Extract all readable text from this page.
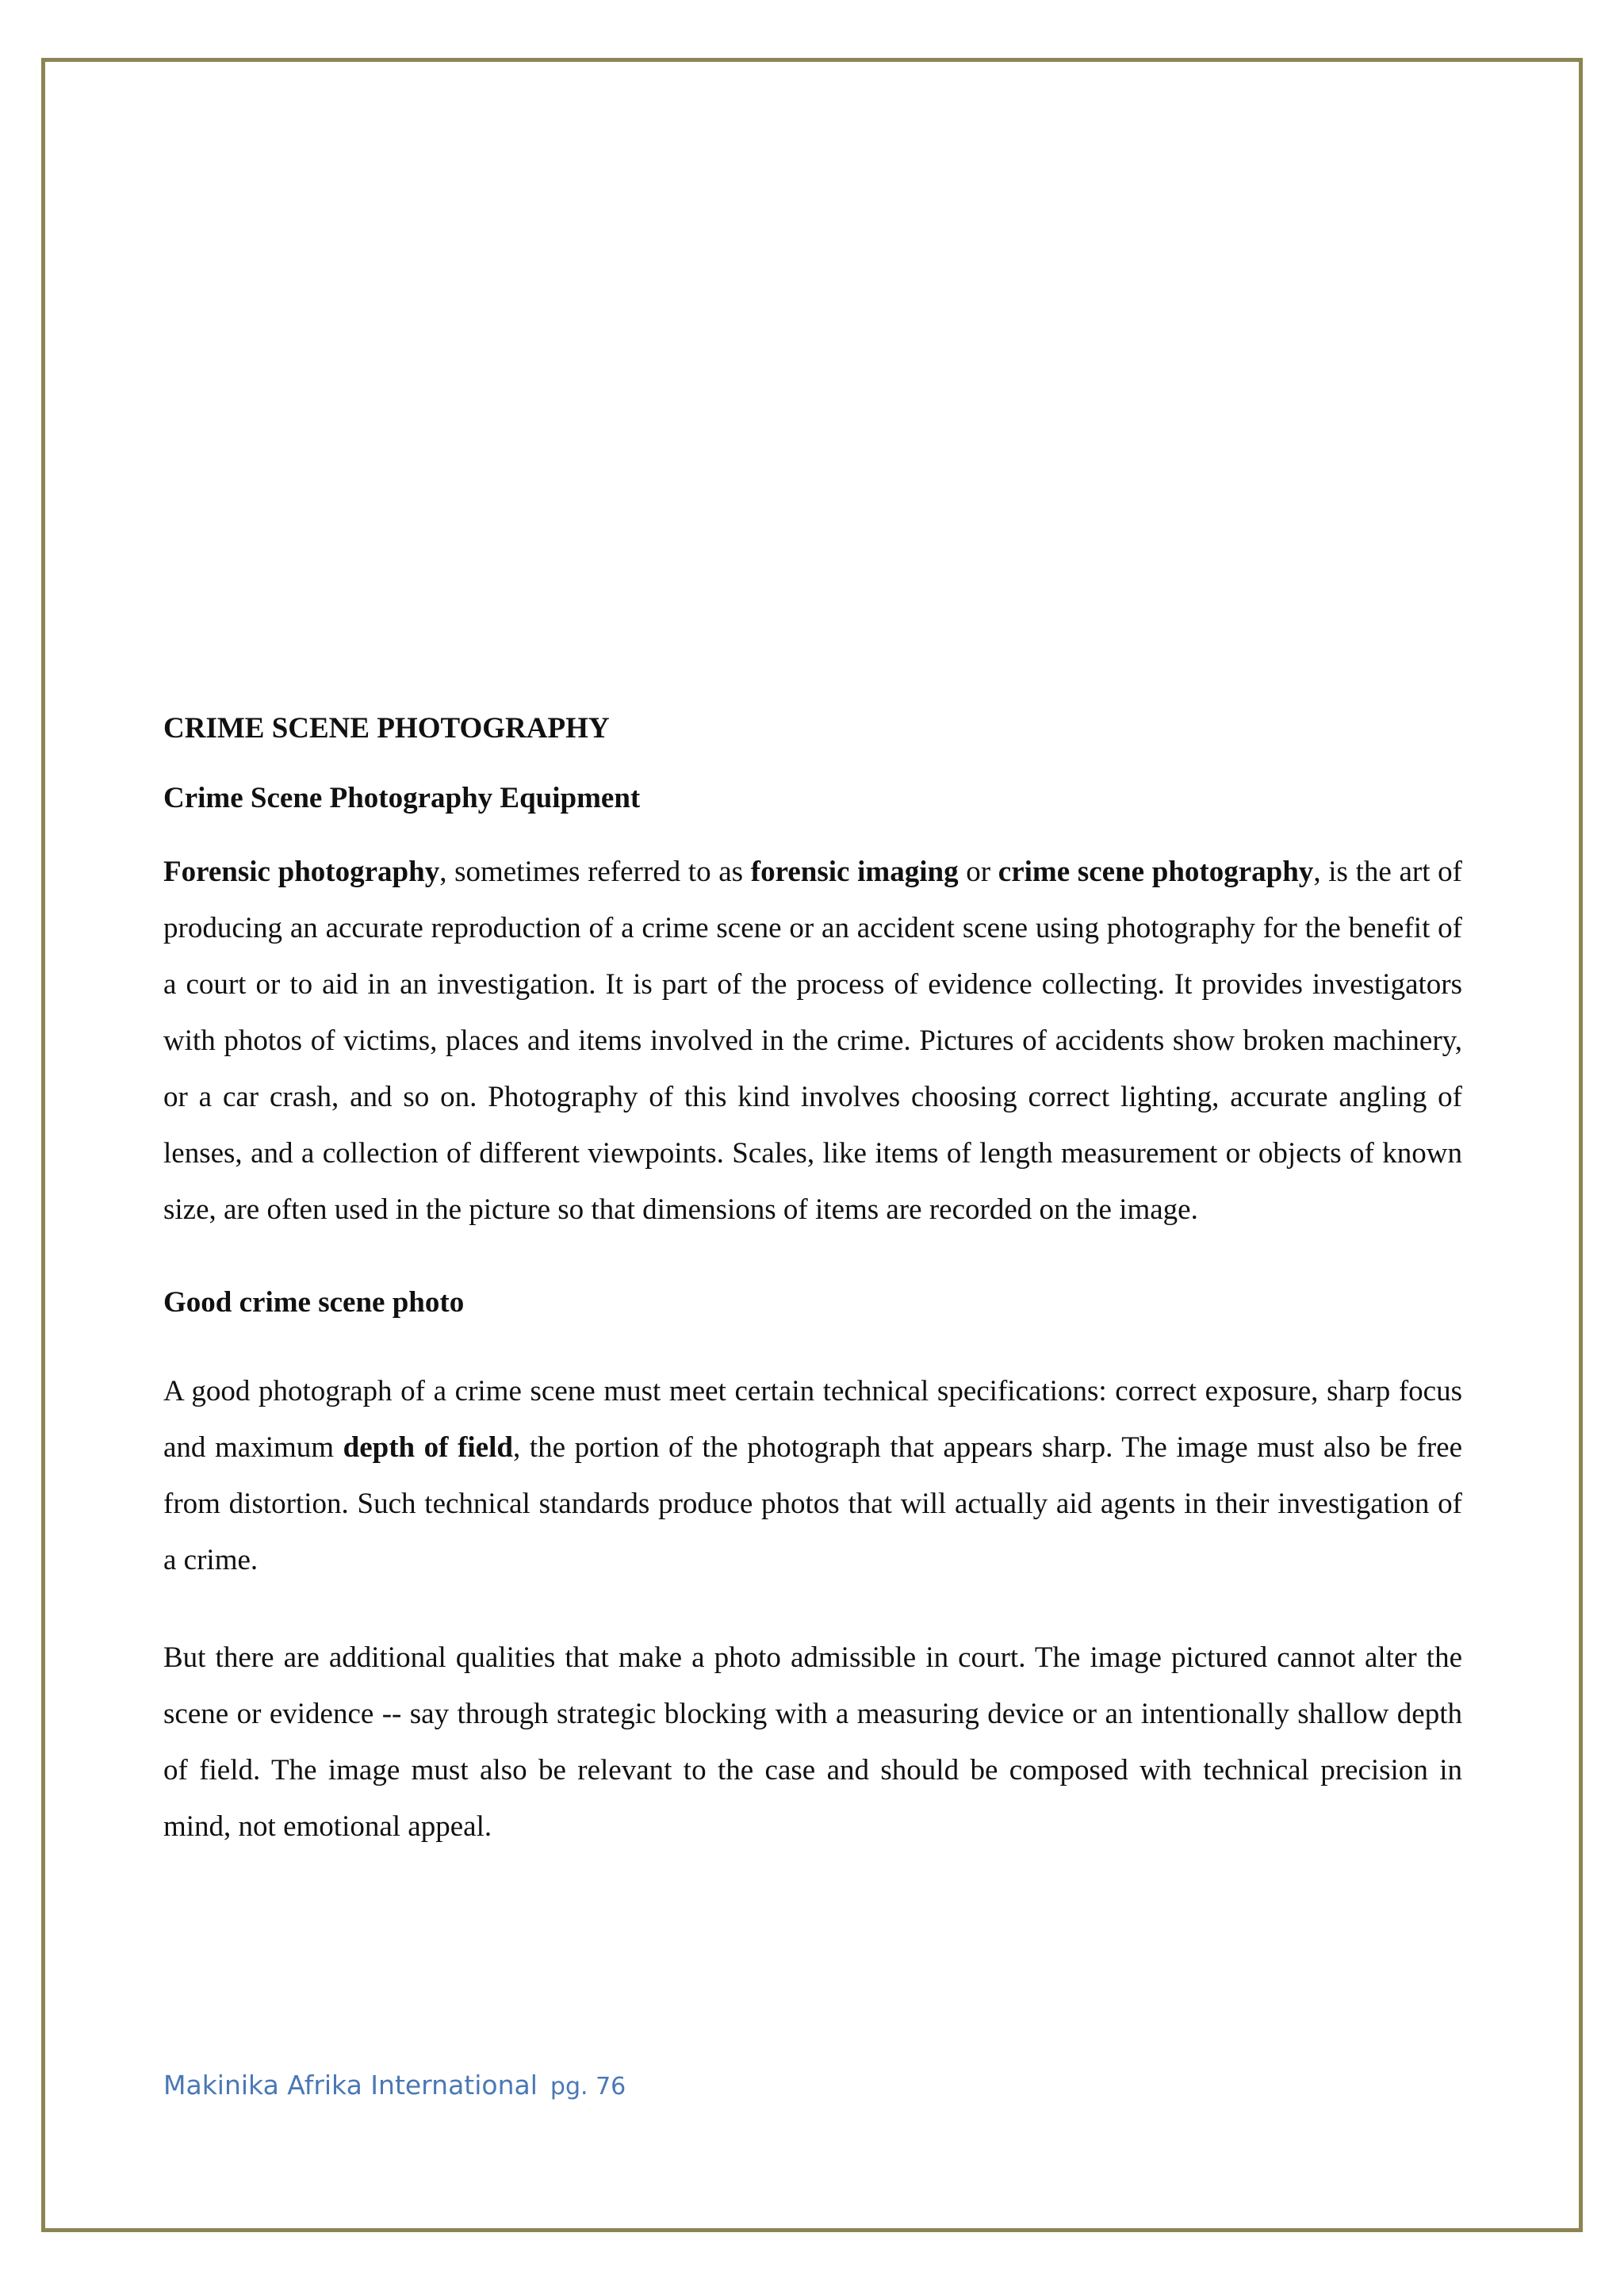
CRIME SCENE PHOTOGRAPHY
Crime Scene Photography Equipment

Forensic photography, sometimes referred to as forensic imaging or crime scene photography, is the art of producing an accurate reproduction of a crime scene or an accident scene using photography for the benefit of a court or to aid in an investigation. It is part of the process of evidence collecting. It provides investigators with photos of victims, places and items involved in the crime. Pictures of accidents show broken machinery, or a car crash, and so on. Photography of this kind involves choosing correct lighting, accurate angling of lenses, and a collection of different viewpoints. Scales, like items of length measurement or objects of known size, are often used in the picture so that dimensions of items are recorded on the image.

Good crime scene photo

A good photograph of a crime scene must meet certain technical specifications: correct exposure, sharp focus and maximum depth of field, the portion of the photograph that appears sharp. The image must also be free from distortion. Such technical standards produce photos that will actually aid agents in their investigation of a crime.

But there are additional qualities that make a photo admissible in court. The image pictured cannot alter the scene or evidence -- say through strategic blocking with a measuring device or an intentionally shallow depth of field. The image must also be relevant to the case and should be composed with technical precision in mind, not emotional appeal.

Makinika Afrika International pg. 76
